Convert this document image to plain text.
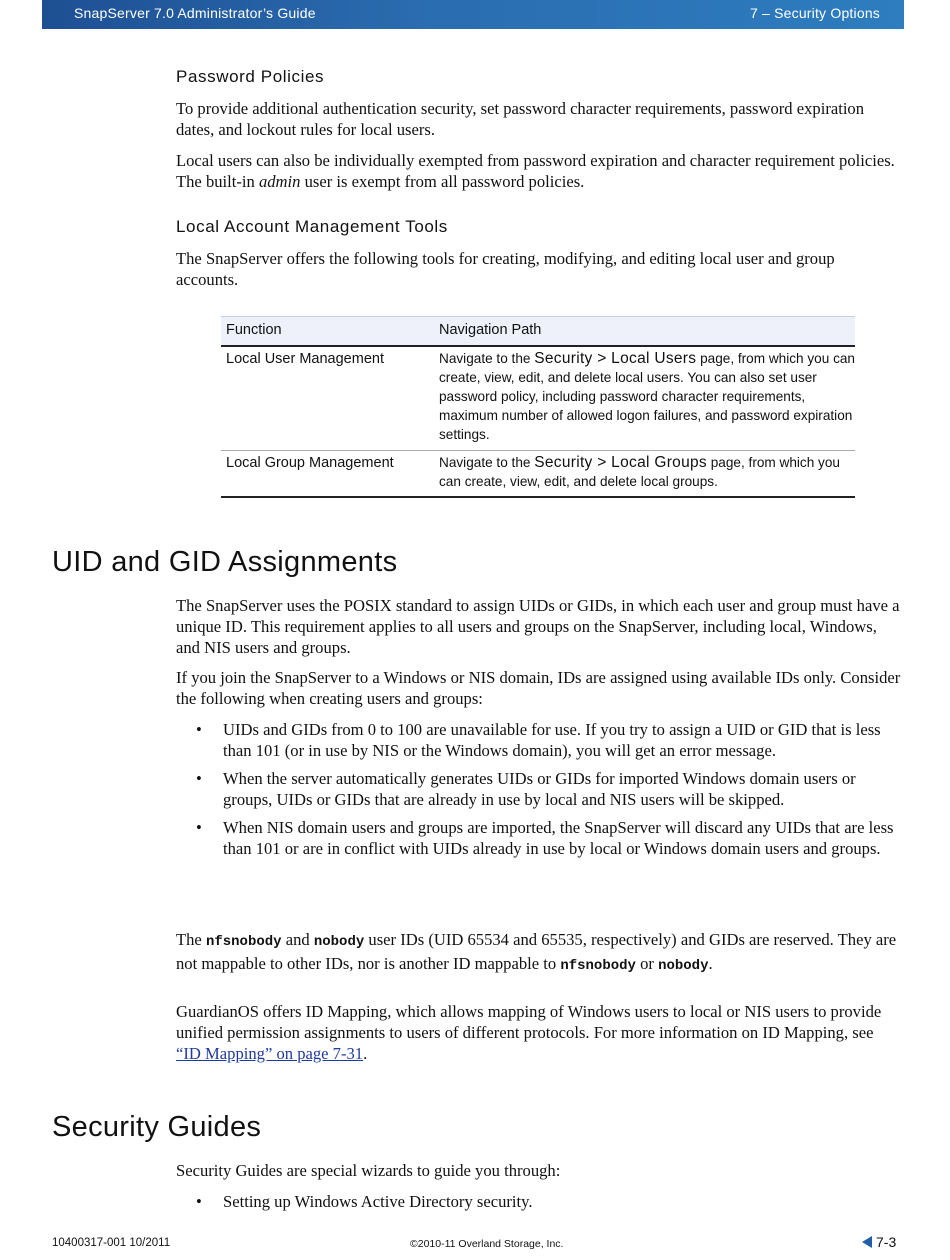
SnapServer 7.0 Administrator’s Guide	7 – Security Options
Password Policies
To provide additional authentication security, set password character requirements, password expiration dates, and lockout rules for local users.
Local users can also be individually exempted from password expiration and character requirement policies. The built-in admin user is exempt from all password policies.
Local Account Management Tools
The SnapServer offers the following tools for creating, modifying, and editing local user and group accounts.
Function	Navigation Path
Local User Management	Navigate to the Security > Local Users page, from which you can create, view, edit, and delete local users. You can also set user password policy, including password character requirements, maximum number of allowed logon failures, and password expiration settings.
Local Group Management	Navigate to the Security > Local Groups page, from which you can create, view, edit, and delete local groups.
UID and GID Assignments
The SnapServer uses the POSIX standard to assign UIDs or GIDs, in which each user and group must have a unique ID. This requirement applies to all users and groups on the SnapServer, including local, Windows, and NIS users and groups.
If you join the SnapServer to a Windows or NIS domain, IDs are assigned using available IDs only. Consider the following when creating users and groups:
• UIDs and GIDs from 0 to 100 are unavailable for use. If you try to assign a UID or GID that is less than 101 (or in use by NIS or the Windows domain), you will get an error message.
• When the server automatically generates UIDs or GIDs for imported Windows domain users or groups, UIDs or GIDs that are already in use by local and NIS users will be skipped.
• When NIS domain users and groups are imported, the SnapServer will discard any UIDs that are less than 101 or are in conflict with UIDs already in use by local or Windows domain users and groups.
The nfsnobody and nobody user IDs (UID 65534 and 65535, respectively) and GIDs are reserved. They are not mappable to other IDs, nor is another ID mappable to nfsnobody or nobody.
GuardianOS offers ID Mapping, which allows mapping of Windows users to local or NIS users to provide unified permission assignments to users of different protocols. For more information on ID Mapping, see “ID Mapping” on page 7-31.
Security Guides
Security Guides are special wizards to guide you through:
• Setting up Windows Active Directory security.
10400317-001 10/2011	©2010-11 Overland Storage, Inc.	7-3
